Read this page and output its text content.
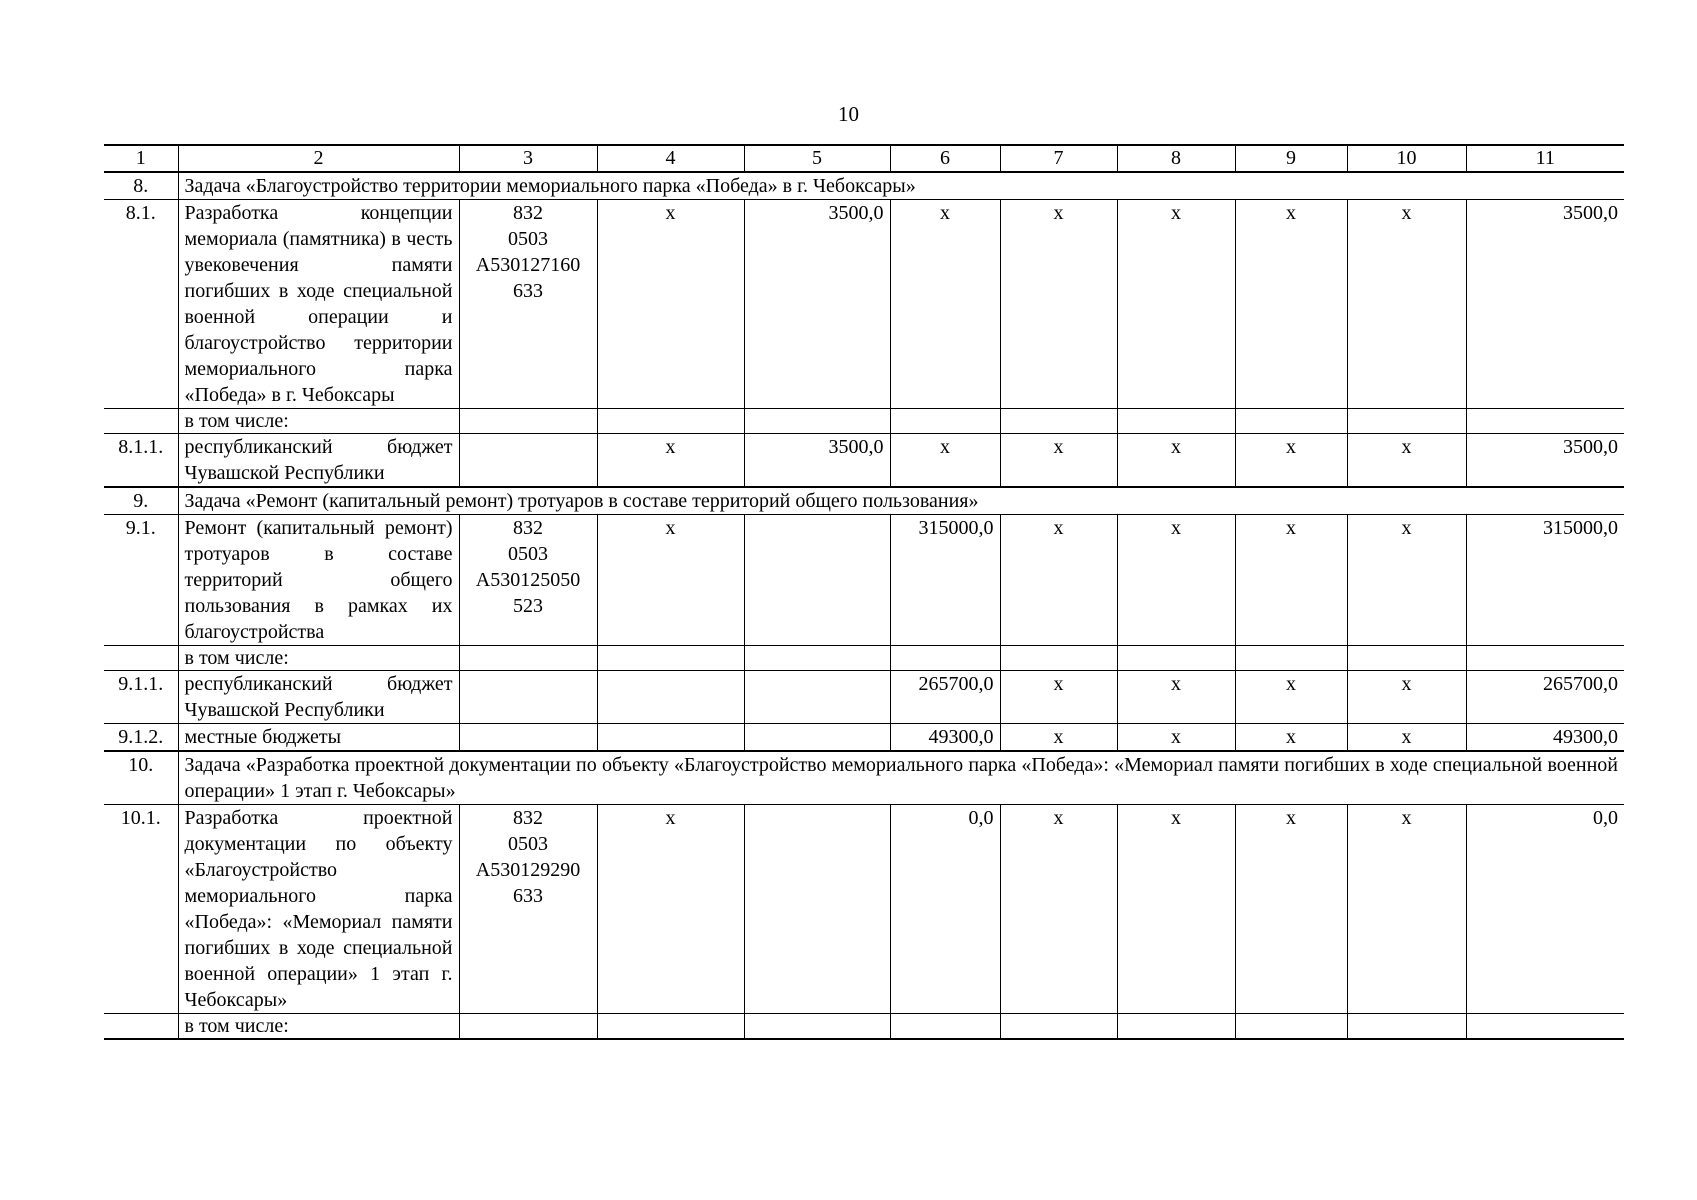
10
1	2	3	4	5	6	7	8	9	10	11
8.	Задача «Благоустройство территории мемориального парка «Победа» в г. Чебоксары»									
8.1.	Разработка концепции мемориала (памятника) в честь увековечения памяти погибших в ходе специальной военной операции и благоустройство территории мемориального парка «Победа» в г. Чебоксары	832
0503
А530127160
633	x	3500,0	x	x	x	x	x	3500,0
	в том числе:									
8.1.1.	республиканский бюджет Чувашской Республики		x	3500,0	x	x	x	x	x	3500,0
9.	Задача «Ремонт (капитальный ремонт) тротуаров в составе территорий общего пользования»									
9.1.	Ремонт (капитальный ремонт) тротуаров в составе территорий общего пользования в рамках их благоустройства	832
0503
А530125050
523	x		315000,0	x	x	x	x	315000,0
	в том числе:									
9.1.1.	республиканский бюджет Чувашской Республики				265700,0	x	x	x	x	265700,0
9.1.2.	местные бюджеты				49300,0	x	x	x	x	49300,0
10.	Задача «Разработка проектной документации по объекту «Благоустройство мемориального парка «Победа»: «Мемориал памяти погибших в ходе специальной военной операции» 1 этап г. Чебоксары»									
10.1.	Разработка проектной документации по объекту «Благоустройство мемориального парка «Победа»: «Мемориал памяти погибших в ходе специальной военной операции» 1 этап г. Чебоксары»	832
0503
А530129290
633	x		0,0	x	x	x	x	0,0
	в том числе:									
